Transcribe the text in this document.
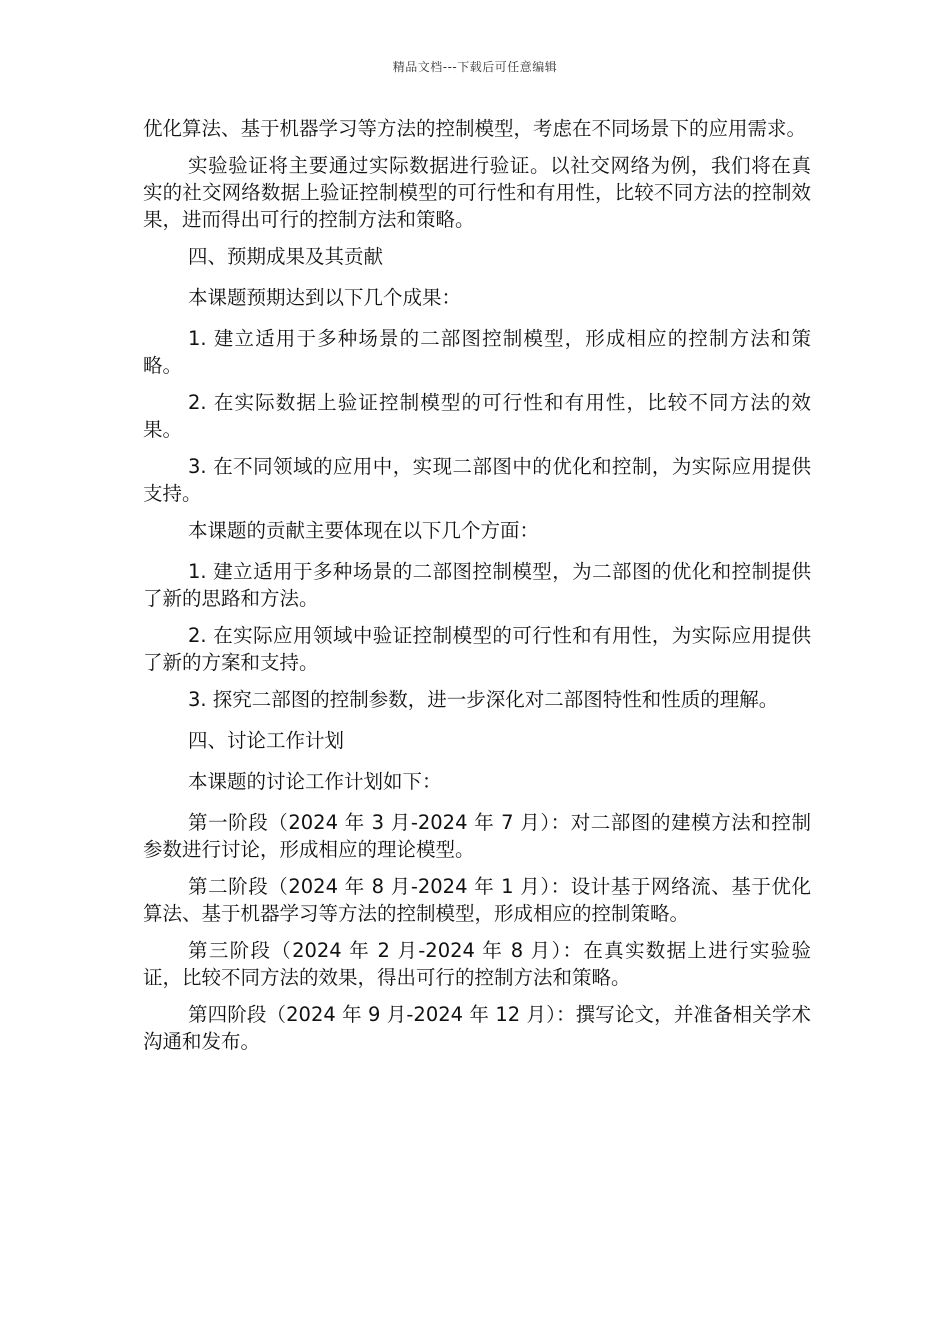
精品文档---下载后可任意编辑

优化算法、基于机器学习等方法的控制模型，考虑在不同场景下的应用需求。

实验验证将主要通过实际数据进行验证。以社交网络为例，我们将在真实的社交网络数据上验证控制模型的可行性和有用性，比较不同方法的控制效果，进而得出可行的控制方法和策略。

四、预期成果及其贡献

本课题预期达到以下几个成果：

1. 建立适用于多种场景的二部图控制模型，形成相应的控制方法和策略。

2. 在实际数据上验证控制模型的可行性和有用性，比较不同方法的效果。

3. 在不同领域的应用中，实现二部图中的优化和控制，为实际应用提供支持。

本课题的贡献主要体现在以下几个方面：

1. 建立适用于多种场景的二部图控制模型，为二部图的优化和控制提供了新的思路和方法。

2. 在实际应用领域中验证控制模型的可行性和有用性，为实际应用提供了新的方案和支持。

3. 探究二部图的控制参数，进一步深化对二部图特性和性质的理解。

四、讨论工作计划

本课题的讨论工作计划如下：

第一阶段（2024 年 3 月-2024 年 7 月）：对二部图的建模方法和控制参数进行讨论，形成相应的理论模型。

第二阶段（2024 年 8 月-2024 年 1 月）：设计基于网络流、基于优化算法、基于机器学习等方法的控制模型，形成相应的控制策略。

第三阶段（2024 年 2 月-2024 年 8 月）：在真实数据上进行实验验证，比较不同方法的效果，得出可行的控制方法和策略。

第四阶段（2024 年 9 月-2024 年 12 月）：撰写论文，并准备相关学术沟通和发布。
